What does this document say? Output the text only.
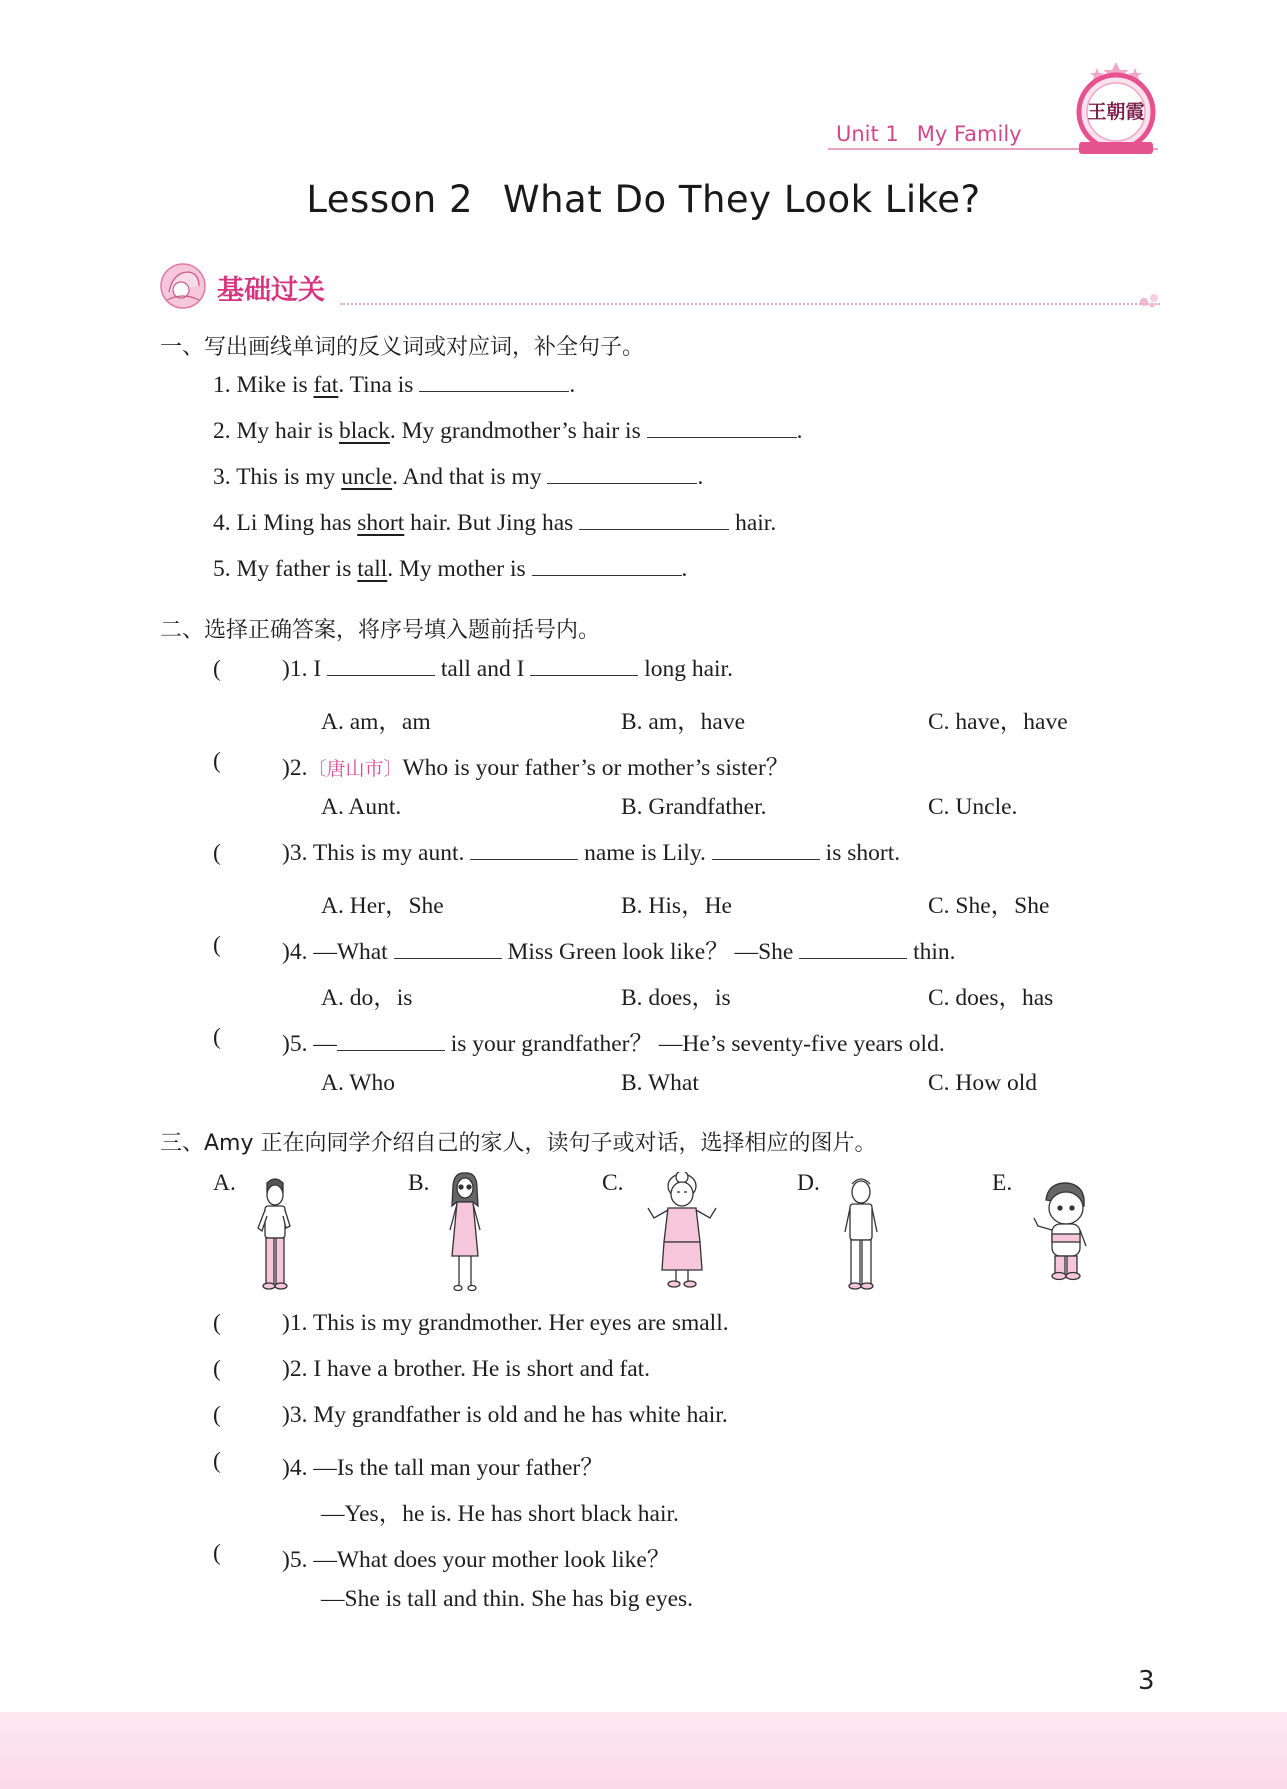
Unit 1 My Family
王朝霞
Lesson 2 What Do They Look Like?
基础过关
一、写出画线单词的反义词或对应词，补全句子。
1. Mike is fat. Tina is	.
2. My hair is black. My grandmother’s hair is	.
3. This is my uncle. And that is my	.
4. Li Ming has short hair. But Jing has	hair.
5. My father is tall. My mother is	.
二、选择正确答案，将序号填入题前括号内。
(	)1. I	tall and I	long hair.
A. am，am	B. am，have	C. have，have
(	)2.〔唐山市〕Who is your father’s or mother’s sister？
A. Aunt.	B. Grandfather.	C. Uncle.
(	)3. This is my aunt.	name is Lily.	is short.
A. Her，She	B. His，He	C. She，She
(	)4. —What	Miss Green look like？ —She	thin.
A. do，is	B. does，is	C. does，has
(	)5. —	is your grandfather？ —He’s seventy-five years old.
A. Who	B. What	C. How old
三、Amy 正在向同学介绍自己的家人，读句子或对话，选择相应的图片。
A.	B.	C.	D.	E.
(	)1. This is my grandmother. Her eyes are small.
(	)2. I have a brother. He is short and fat.
(	)3. My grandfather is old and he has white hair.
(	)4. —Is the tall man your father？
—Yes，he is. He has short black hair.
(	)5. —What does your mother look like？
—She is tall and thin. She has big eyes.
3
